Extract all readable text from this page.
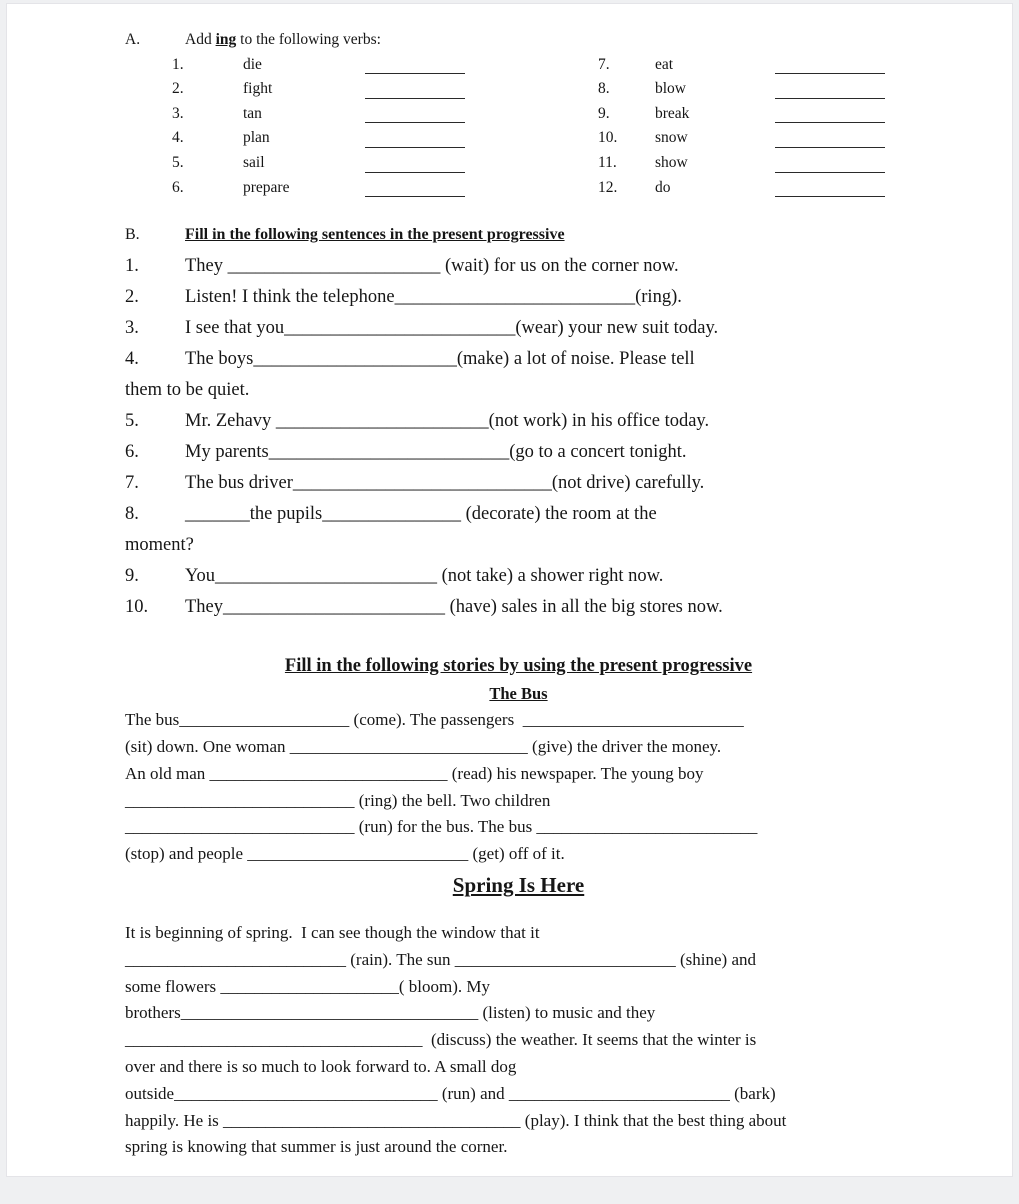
A.	Add ing to the following verbs:
1.	die	7.	eat
2.	fight	8.	blow
3.	tan	9.	break
4.	plan	10.	snow
5.	sail	11.	show
6.	prepare	12.	do
B.	Fill in the following sentences in the present progressive
1. They _______________________ (wait) for us on the corner now.
2. Listen! I think the telephone__________________________(ring).
3. I see that you_________________________(wear) your new suit today.
4. The boys______________________(make) a lot of noise. Please tell
them to be quiet.
5. Mr. Zehavy _______________________(not work) in his office today.
6. My parents__________________________(go to a concert tonight.
7. The bus driver____________________________(not drive) carefully.
8. _______the pupils_______________ (decorate) the room at the
moment?
9. You________________________ (not take) a shower right now.
10. They________________________ (have) sales in all the big stores now.
Fill in the following stories by using the present progressive
The Bus
The bus____________________ (come). The passengers  __________________________
(sit) down. One woman ____________________________ (give) the driver the money.
An old man ____________________________ (read) his newspaper. The young boy
___________________________ (ring) the bell. Two children
___________________________ (run) for the bus. The bus __________________________
(stop) and people __________________________ (get) off of it.
Spring Is Here
It is beginning of spring.  I can see though the window that it
__________________________ (rain). The sun __________________________ (shine) and
some flowers _____________________( bloom). My
brothers___________________________________ (listen) to music and they
___________________________________  (discuss) the weather. It seems that the winter is
over and there is so much to look forward to. A small dog
outside_______________________________ (run) and __________________________ (bark)
happily. He is ___________________________________ (play). I think that the best thing about
spring is knowing that summer is just around the corner.
